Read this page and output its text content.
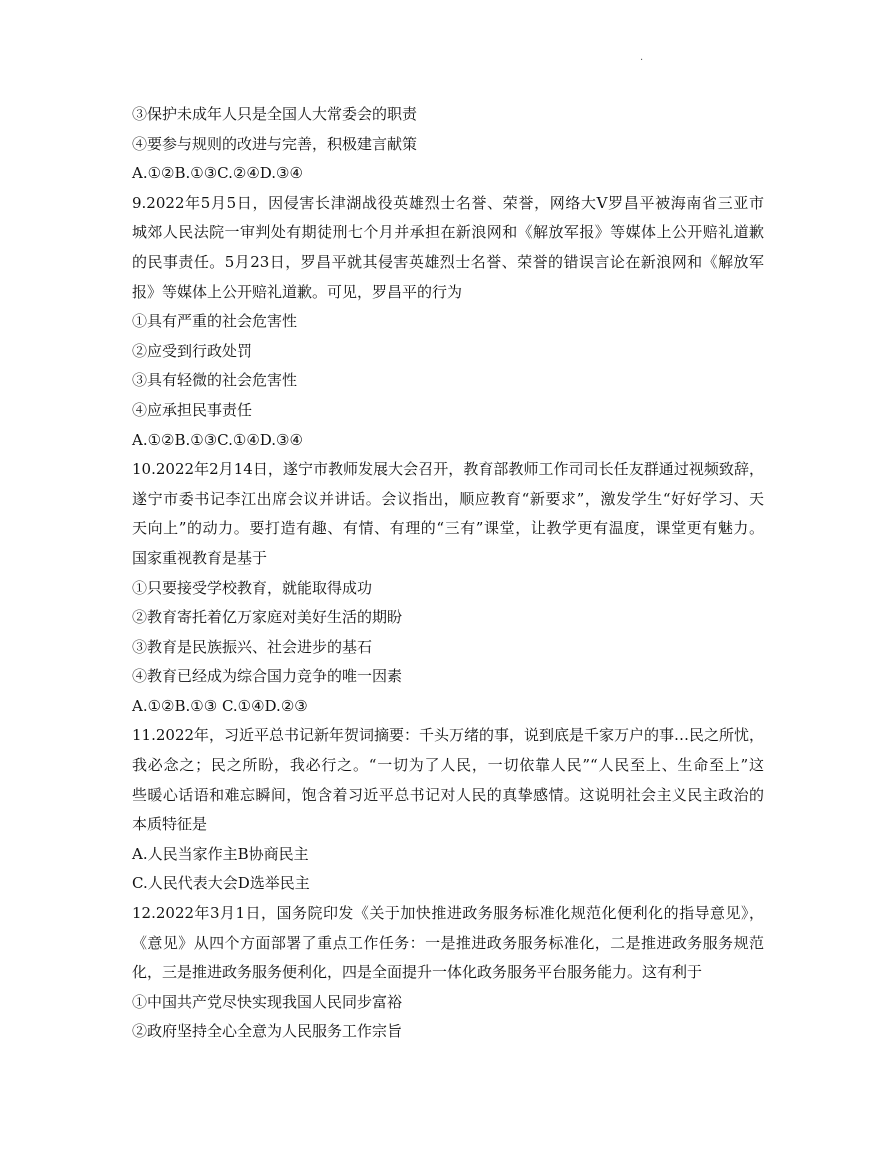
.
③保护未成年人只是全国人大常委会的职责
④要参与规则的改进与完善，积极建言献策
A.①②B.①③C.②④D.③④
9.2022年5月5日，因侵害长津湖战役英雄烈士名誉、荣誉，网络大V罗昌平被海南省三亚市
城郊人民法院一审判处有期徒刑七个月并承担在新浪网和《解放军报》等媒体上公开赔礼道歉
的民事责任。5月23日，罗昌平就其侵害英雄烈士名誉、荣誉的错误言论在新浪网和《解放军
报》等媒体上公开赔礼道歉。可见，罗昌平的行为
①具有严重的社会危害性
②应受到行政处罚
③具有轻微的社会危害性
④应承担民事责任
A.①②B.①③C.①④D.③④
10.2022年2月14日，遂宁市教师发展大会召开，教育部教师工作司司长任友群通过视频致辞，
遂宁市委书记李江出席会议并讲话。会议指出，顺应教育“新要求”，激发学生“好好学习、天
天向上”的动力。要打造有趣、有情、有理的“三有”课堂，让教学更有温度，课堂更有魅力。
国家重视教育是基于
①只要接受学校教育，就能取得成功
②教育寄托着亿万家庭对美好生活的期盼
③教育是民族振兴、社会进步的基石
④教育已经成为综合国力竞争的唯一因素
A.①②B.①③ C.①④D.②③
11.2022年，习近平总书记新年贺词摘要：千头万绪的事，说到底是千家万户的事…民之所忧，
我必念之；民之所盼，我必行之。“一切为了人民，一切依靠人民”“人民至上、生命至上”这
些暖心话语和难忘瞬间，饱含着习近平总书记对人民的真挚感情。这说明社会主义民主政治的
本质特征是
A.人民当家作主B协商民主
C.人民代表大会D选举民主
12.2022年3月1日，国务院印发《关于加快推进政务服务标准化规范化便利化的指导意见》，
《意见》从四个方面部署了重点工作任务：一是推进政务服务标准化，二是推进政务服务规范
化，三是推进政务服务便利化，四是全面提升一体化政务服务平台服务能力。这有利于
①中国共产党尽快实现我国人民同步富裕
②政府坚持全心全意为人民服务工作宗旨
